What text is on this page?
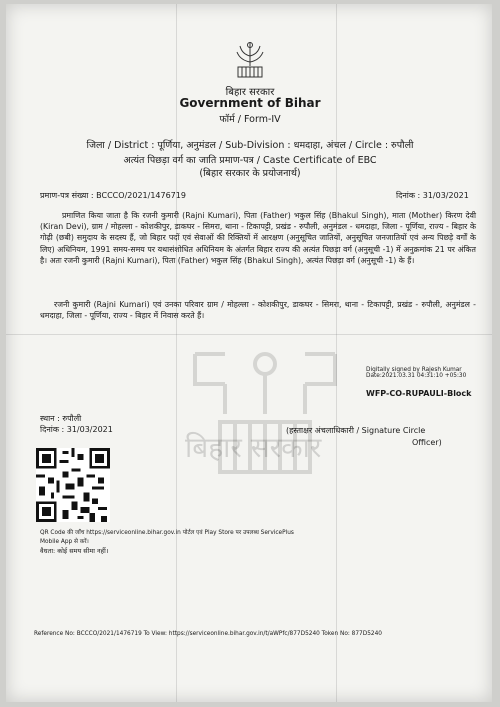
बिहार सरकार
Government of Bihar
फॉर्म / Form-IV
जिला / District : पूर्णिया, अनुमंडल / Sub-Division : धमदाहा, अंचल / Circle : रुपौली
अत्यंत पिछड़ा वर्ग का जाति प्रमाण-पत्र / Caste Certificate of EBC
(बिहार सरकार के प्रयोजनार्थ)
प्रमाण-पत्र संख्या : BCCCO/2021/1476719	दिनांक : 31/03/2021
प्रमाणित किया जाता है कि रजनी कुमारी (Rajni Kumari), पिता (Father) भकुल सिंह (Bhakul Singh), माता (Mother) किरण देवी (Kiran Devi), ग्राम / मोहल्ला - कोशकीपुर, डाकघर - सिमरा, थाना - टिकापट्टी, प्रखंड - रुपौली, अनुमंडल - धमदाहा, जिला - पूर्णिया, राज्य - बिहार के गोढ़ी (छबी) समुदाय के सदस्य हैं, जो बिहार पदों एवं सेवाओं की रिक्तियों में आरक्षण (अनुसूचित जातियों, अनुसूचित जनजातियों एवं अन्य पिछड़े वर्गों के लिए) अधिनियम, 1991 समय-समय पर यथासंशोधित अधिनियम के अंतर्गत बिहार राज्य की अत्यंत पिछड़ा वर्ग (अनुसूची -1) में अनुक्रमांक 21 पर अंकित है। अतः रजनी कुमारी (Rajni Kumari), पिता (Father) भकुल सिंह (Bhakul Singh), अत्यंत पिछड़ा वर्ग (अनुसूची -1) के हैं।
रजनी कुमारी (Rajni Kumari) एवं उनका परिवार ग्राम / मोहल्ला - कोशकीपुर, डाकघर - सिमरा, थाना - टिकापट्टी, प्रखंड - रुपौली, अनुमंडल - धमदाहा, जिला - पूर्णिया, राज्य - बिहार में निवास करते हैं।
बिहार सरकार
Digitally signed by Rajesh Kumar
Date:2021.03.31 04:31:10 +05:30
WFP-CO-RUPAULI-Block
स्थान : रुपौली
दिनांक : 31/03/2021	(हस्ताक्षर अंचलाधिकारी / Signature Circle
Officer)
QR Code की जाँच https://serviceonline.bihar.gov.in पोर्टल एवं Play Store पर उपलब्ध ServicePlus
Mobile App से करें।
वैधता: कोई समय सीमा नहीं।
Reference No: BCCCO/2021/1476719 To View: https://serviceonline.bihar.gov.in/t/aWPfc/877D5240 Token No: 877D5240
